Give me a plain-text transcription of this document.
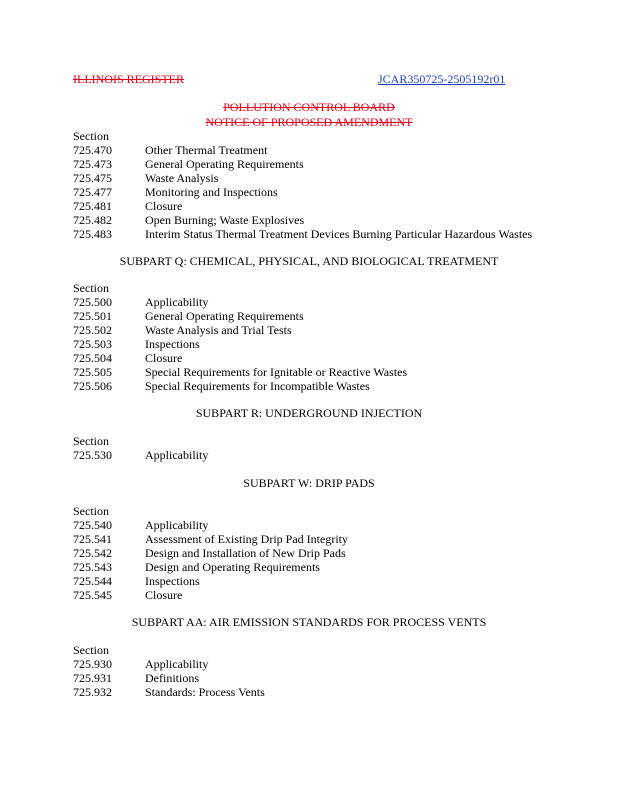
ILLINOIS REGISTER	JCAR350725-2505192r01
POLLUTION CONTROL BOARD
NOTICE OF PROPOSED AMENDMENT
Section
725.470	Other Thermal Treatment
725.473	General Operating Requirements
725.475	Waste Analysis
725.477	Monitoring and Inspections
725.481	Closure
725.482	Open Burning; Waste Explosives
725.483	Interim Status Thermal Treatment Devices Burning Particular Hazardous Wastes
SUBPART Q: CHEMICAL, PHYSICAL, AND BIOLOGICAL TREATMENT
Section
725.500	Applicability
725.501	General Operating Requirements
725.502	Waste Analysis and Trial Tests
725.503	Inspections
725.504	Closure
725.505	Special Requirements for Ignitable or Reactive Wastes
725.506	Special Requirements for Incompatible Wastes
SUBPART R: UNDERGROUND INJECTION
Section
725.530	Applicability
SUBPART W: DRIP PADS
Section
725.540	Applicability
725.541	Assessment of Existing Drip Pad Integrity
725.542	Design and Installation of New Drip Pads
725.543	Design and Operating Requirements
725.544	Inspections
725.545	Closure
SUBPART AA: AIR EMISSION STANDARDS FOR PROCESS VENTS
Section
725.930	Applicability
725.931	Definitions
725.932	Standards: Process Vents
